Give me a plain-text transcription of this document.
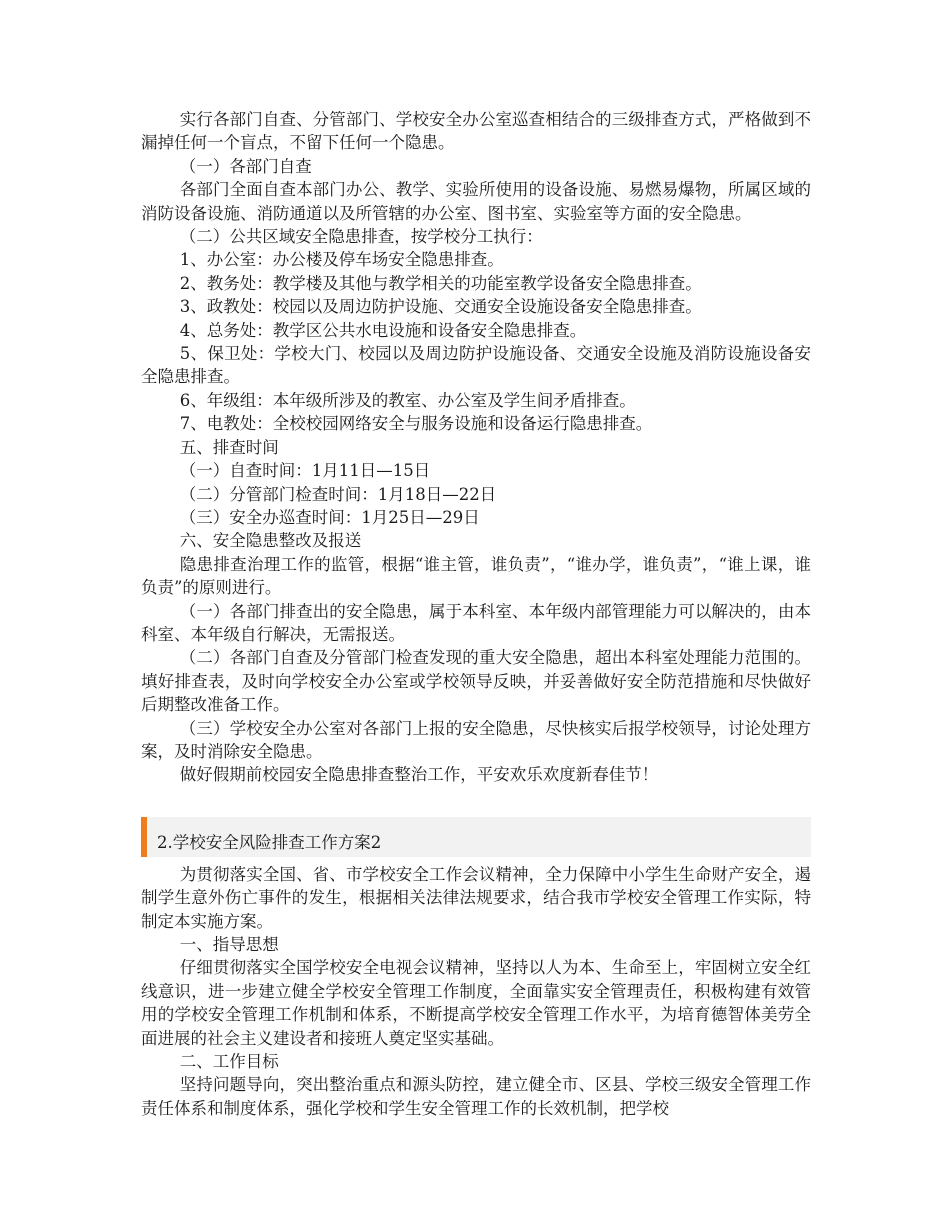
实行各部门自查、分管部门、学校安全办公室巡查相结合的三级排查方式，严格做到不漏掉任何一个盲点，不留下任何一个隐患。

（一）各部门自查

各部门全面自查本部门办公、教学、实验所使用的设备设施、易燃易爆物，所属区域的消防设备设施、消防通道以及所管辖的办公室、图书室、实验室等方面的安全隐患。

（二）公共区域安全隐患排查，按学校分工执行：

1、办公室：办公楼及停车场安全隐患排查。

2、教务处：教学楼及其他与教学相关的功能室教学设备安全隐患排查。

3、政教处：校园以及周边防护设施、交通安全设施设备安全隐患排查。

4、总务处：教学区公共水电设施和设备安全隐患排查。

5、保卫处：学校大门、校园以及周边防护设施设备、交通安全设施及消防设施设备安全隐患排查。

6、年级组：本年级所涉及的教室、办公室及学生间矛盾排查。

7、电教处：全校校园网络安全与服务设施和设备运行隐患排查。

五、排查时间

（一）自查时间：1月11日—15日

（二）分管部门检查时间：1月18日—22日

（三）安全办巡查时间：1月25日—29日

六、安全隐患整改及报送

隐患排查治理工作的监管，根据“谁主管，谁负责”，“谁办学，谁负责”，“谁上课，谁负责”的原则进行。

（一）各部门排查出的安全隐患，属于本科室、本年级内部管理能力可以解决的，由本科室、本年级自行解决，无需报送。

（二）各部门自查及分管部门检查发现的重大安全隐患，超出本科室处理能力范围的。填好排查表，及时向学校安全办公室或学校领导反映，并妥善做好安全防范措施和尽快做好后期整改准备工作。

（三）学校安全办公室对各部门上报的安全隐患，尽快核实后报学校领导，讨论处理方案，及时消除安全隐患。

做好假期前校园安全隐患排查整治工作，平安欢乐欢度新春佳节！

2.学校安全风险排查工作方案2

为贯彻落实全国、省、市学校安全工作会议精神，全力保障中小学生生命财产安全，遏制学生意外伤亡事件的发生，根据相关法律法规要求，结合我市学校安全管理工作实际，特制定本实施方案。

一、指导思想

仔细贯彻落实全国学校安全电视会议精神，坚持以人为本、生命至上，牢固树立安全红线意识，进一步建立健全学校安全管理工作制度，全面靠实安全管理责任，积极构建有效管用的学校安全管理工作机制和体系，不断提高学校安全管理工作水平，为培育德智体美劳全面进展的社会主义建设者和接班人奠定坚实基础。

二、工作目标

坚持问题导向，突出整治重点和源头防控，建立健全市、区县、学校三级安全管理工作责任体系和制度体系，强化学校和学生安全管理工作的长效机制，把学校
